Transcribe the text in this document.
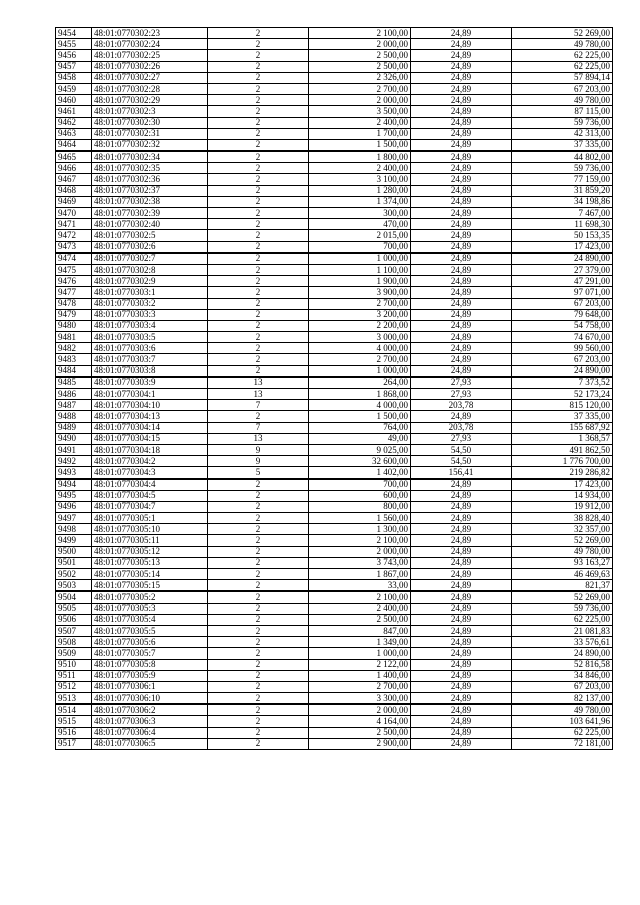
9454	48:01:0770302:23	2	2 100,00	24,89	52 269,00
9455	48:01:0770302:24	2	2 000,00	24,89	49 780,00
9456	48:01:0770302:25	2	2 500,00	24,89	62 225,00
9457	48:01:0770302:26	2	2 500,00	24,89	62 225,00
9458	48:01:0770302:27	2	2 326,00	24,89	57 894,14
9459	48:01:0770302:28	2	2 700,00	24,89	67 203,00
9460	48:01:0770302:29	2	2 000,00	24,89	49 780,00
9461	48:01:0770302:3	2	3 500,00	24,89	87 115,00
9462	48:01:0770302:30	2	2 400,00	24,89	59 736,00
9463	48:01:0770302:31	2	1 700,00	24,89	42 313,00
9464	48:01:0770302:32	2	1 500,00	24,89	37 335,00
9465	48:01:0770302:34	2	1 800,00	24,89	44 802,00
9466	48:01:0770302:35	2	2 400,00	24,89	59 736,00
9467	48:01:0770302:36	2	3 100,00	24,89	77 159,00
9468	48:01:0770302:37	2	1 280,00	24,89	31 859,20
9469	48:01:0770302:38	2	1 374,00	24,89	34 198,86
9470	48:01:0770302:39	2	300,00	24,89	7 467,00
9471	48:01:0770302:40	2	470,00	24,89	11 698,30
9472	48:01:0770302:5	2	2 015,00	24,89	50 153,35
9473	48:01:0770302:6	2	700,00	24,89	17 423,00
9474	48:01:0770302:7	2	1 000,00	24,89	24 890,00
9475	48:01:0770302:8	2	1 100,00	24,89	27 379,00
9476	48:01:0770302:9	2	1 900,00	24,89	47 291,00
9477	48:01:0770303:1	2	3 900,00	24,89	97 071,00
9478	48:01:0770303:2	2	2 700,00	24,89	67 203,00
9479	48:01:0770303:3	2	3 200,00	24,89	79 648,00
9480	48:01:0770303:4	2	2 200,00	24,89	54 758,00
9481	48:01:0770303:5	2	3 000,00	24,89	74 670,00
9482	48:01:0770303:6	2	4 000,00	24,89	99 560,00
9483	48:01:0770303:7	2	2 700,00	24,89	67 203,00
9484	48:01:0770303:8	2	1 000,00	24,89	24 890,00
9485	48:01:0770303:9	13	264,00	27,93	7 373,52
9486	48:01:0770304:1	13	1 868,00	27,93	52 173,24
9487	48:01:0770304:10	7	4 000,00	203,78	815 120,00
9488	48:01:0770304:13	2	1 500,00	24,89	37 335,00
9489	48:01:0770304:14	7	764,00	203,78	155 687,92
9490	48:01:0770304:15	13	49,00	27,93	1 368,57
9491	48:01:0770304:18	9	9 025,00	54,50	491 862,50
9492	48:01:0770304:2	9	32 600,00	54,50	1 776 700,00
9493	48:01:0770304:3	5	1 402,00	156,41	219 286,82
9494	48:01:0770304:4	2	700,00	24,89	17 423,00
9495	48:01:0770304:5	2	600,00	24,89	14 934,00
9496	48:01:0770304:7	2	800,00	24,89	19 912,00
9497	48:01:0770305:1	2	1 560,00	24,89	38 828,40
9498	48:01:0770305:10	2	1 300,00	24,89	32 357,00
9499	48:01:0770305:11	2	2 100,00	24,89	52 269,00
9500	48:01:0770305:12	2	2 000,00	24,89	49 780,00
9501	48:01:0770305:13	2	3 743,00	24,89	93 163,27
9502	48:01:0770305:14	2	1 867,00	24,89	46 469,63
9503	48:01:0770305:15	2	33,00	24,89	821,37
9504	48:01:0770305:2	2	2 100,00	24,89	52 269,00
9505	48:01:0770305:3	2	2 400,00	24,89	59 736,00
9506	48:01:0770305:4	2	2 500,00	24,89	62 225,00
9507	48:01:0770305:5	2	847,00	24,89	21 081,83
9508	48:01:0770305:6	2	1 349,00	24,89	33 576,61
9509	48:01:0770305:7	2	1 000,00	24,89	24 890,00
9510	48:01:0770305:8	2	2 122,00	24,89	52 816,58
9511	48:01:0770305:9	2	1 400,00	24,89	34 846,00
9512	48:01:0770306:1	2	2 700,00	24,89	67 203,00
9513	48:01:0770306:10	2	3 300,00	24,89	82 137,00
9514	48:01:0770306:2	2	2 000,00	24,89	49 780,00
9515	48:01:0770306:3	2	4 164,00	24,89	103 641,96
9516	48:01:0770306:4	2	2 500,00	24,89	62 225,00
9517	48:01:0770306:5	2	2 900,00	24,89	72 181,00
